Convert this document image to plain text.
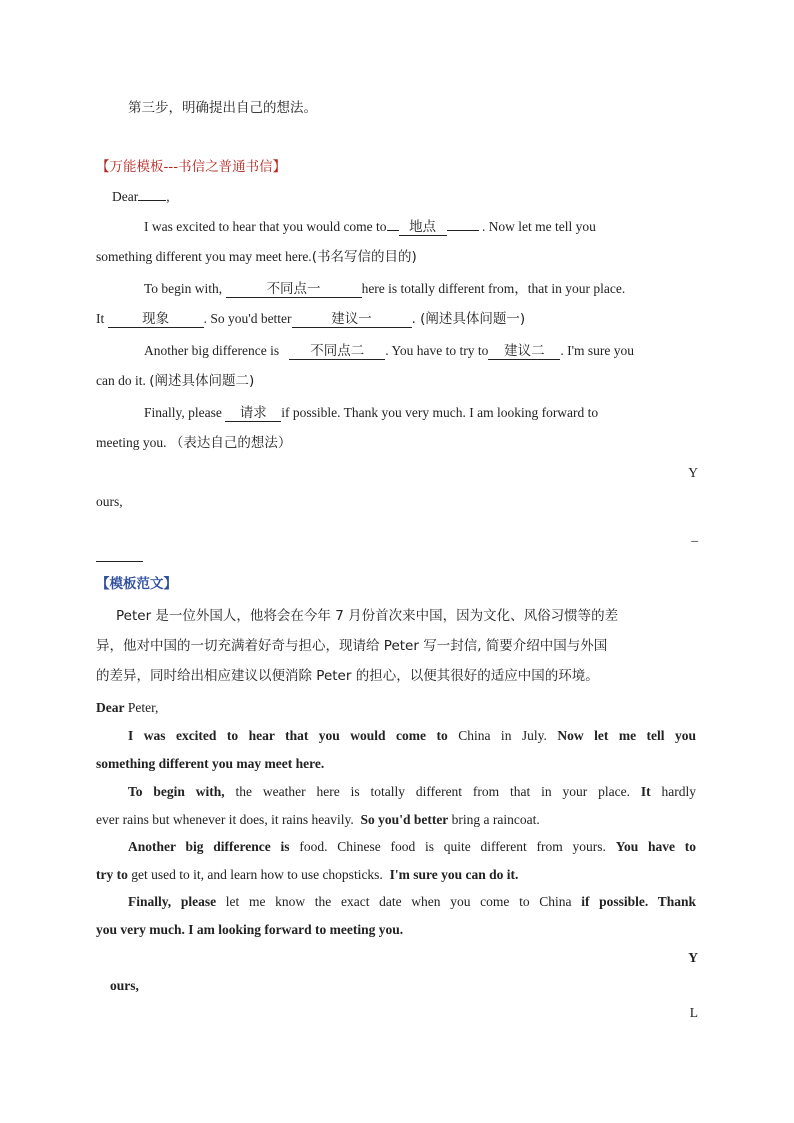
第三步，明确提出自己的想法。
【万能模板---书信之普通书信】
Dear ,
I was excited to hear that you would come to 地点	. Now let me tell you
something different you may meet here.(书名写信的目的)
To begin with,	不同点一	here is totally different from，that in your place.
It	现象	. So you'd better	建议一	. (阐述具体问题一)
Another big difference is 不同点二 . You have to try to 建议二 . I'm sure you
can do it. (阐述具体问题二)
Finally, please 请求 if possible. Thank you very much. I am looking forward to
meeting you. （表达自己的想法）
Y
ours,
_
【模板范文】
Peter 是一位外国人，他将会在今年 7 月份首次来中国，因为文化、风俗习惯等的差
异，他对中国的一切充满着好奇与担心，现请给 Peter 写一封信, 简要介绍中国与外国
的差异，同时给出相应建议以便消除 Peter 的担心，以便其很好的适应中国的环境。
Dear Peter,
I was excited to hear that you would come to China in July. Now let me tell you
something different you may meet here.
To begin with, the weather here is totally different from that in your place. It hardly
ever rains but whenever it does, it rains heavily. So you'd better bring a raincoat.
Another big difference is food. Chinese food is quite different from yours. You have to
try to get used to it, and learn how to use chopsticks. I'm sure you can do it.
Finally, please let me know the exact date when you come to China if possible. Thank
you very much. I am looking forward to meeting you.
Y
ours,
L
